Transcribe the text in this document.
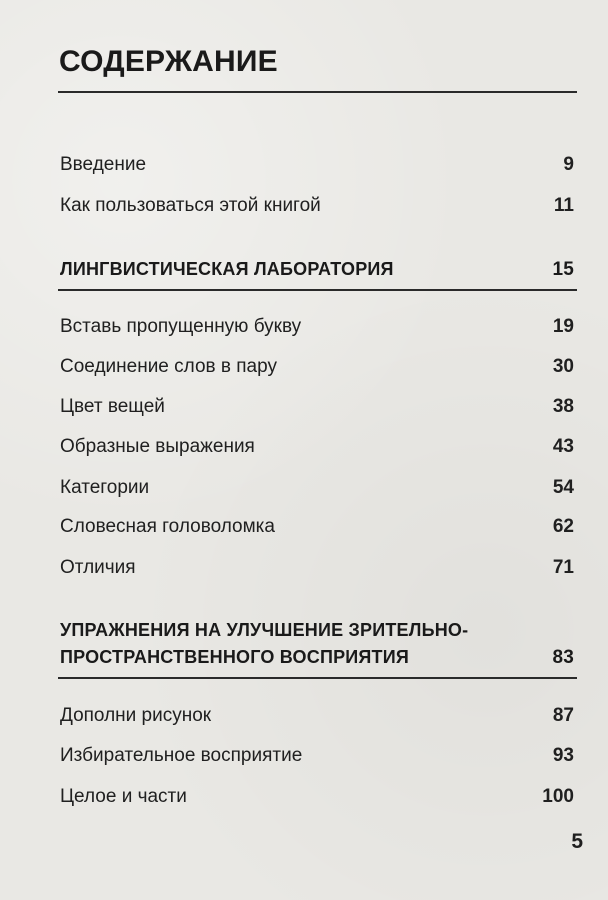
СОДЕРЖАНИЕ
Введение	9
Как пользоваться этой книгой	11
ЛИНГВИСТИЧЕСКАЯ ЛАБОРАТОРИЯ	15
Вставь пропущенную букву	19
Соединение слов в пару	30
Цвет вещей	38
Образные выражения	43
Категории	54
Словесная головоломка	62
Отличия	71
УПРАЖНЕНИЯ НА УЛУЧШЕНИЕ ЗРИТЕЛЬНО-
ПРОСТРАНСТВЕННОГО ВОСПРИЯТИЯ	83
Дополни рисунок	87
Избирательное восприятие	93
Целое и части	100
5
